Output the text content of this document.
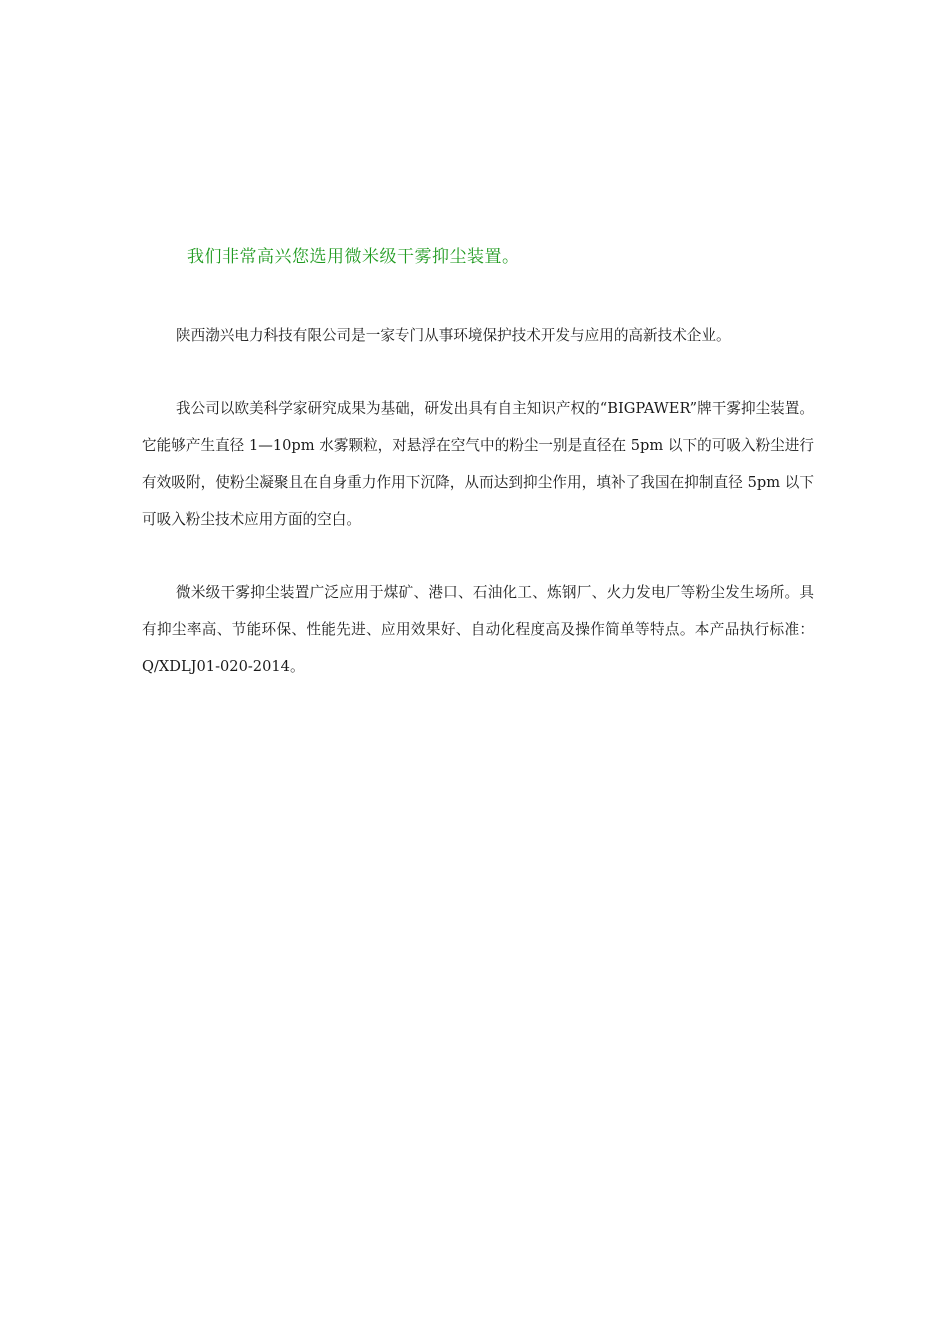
我们非常高兴您选用微米级干雾抑尘装置。

陕西渤兴电力科技有限公司是一家专门从事环境保护技术开发与应用的高新技术企业。

我公司以欧美科学家研究成果为基础，研发出具有自主知识产权的“BIGPAWER”牌干雾抑尘装置。它能够产生直径 1—10pm 水雾颗粒，对悬浮在空气中的粉尘一别是直径在 5pm 以下的可吸入粉尘进行有效吸附，使粉尘凝聚且在自身重力作用下沉降，从而达到抑尘作用，填补了我国在抑制直径 5pm 以下可吸入粉尘技术应用方面的空白。

微米级干雾抑尘装置广泛应用于煤矿、港口、石油化工、炼钢厂、火力发电厂等粉尘发生场所。具有抑尘率高、节能环保、性能先进、应用效果好、自动化程度高及操作简单等特点。本产品执行标准：Q/XDLJ01-020-2014。
